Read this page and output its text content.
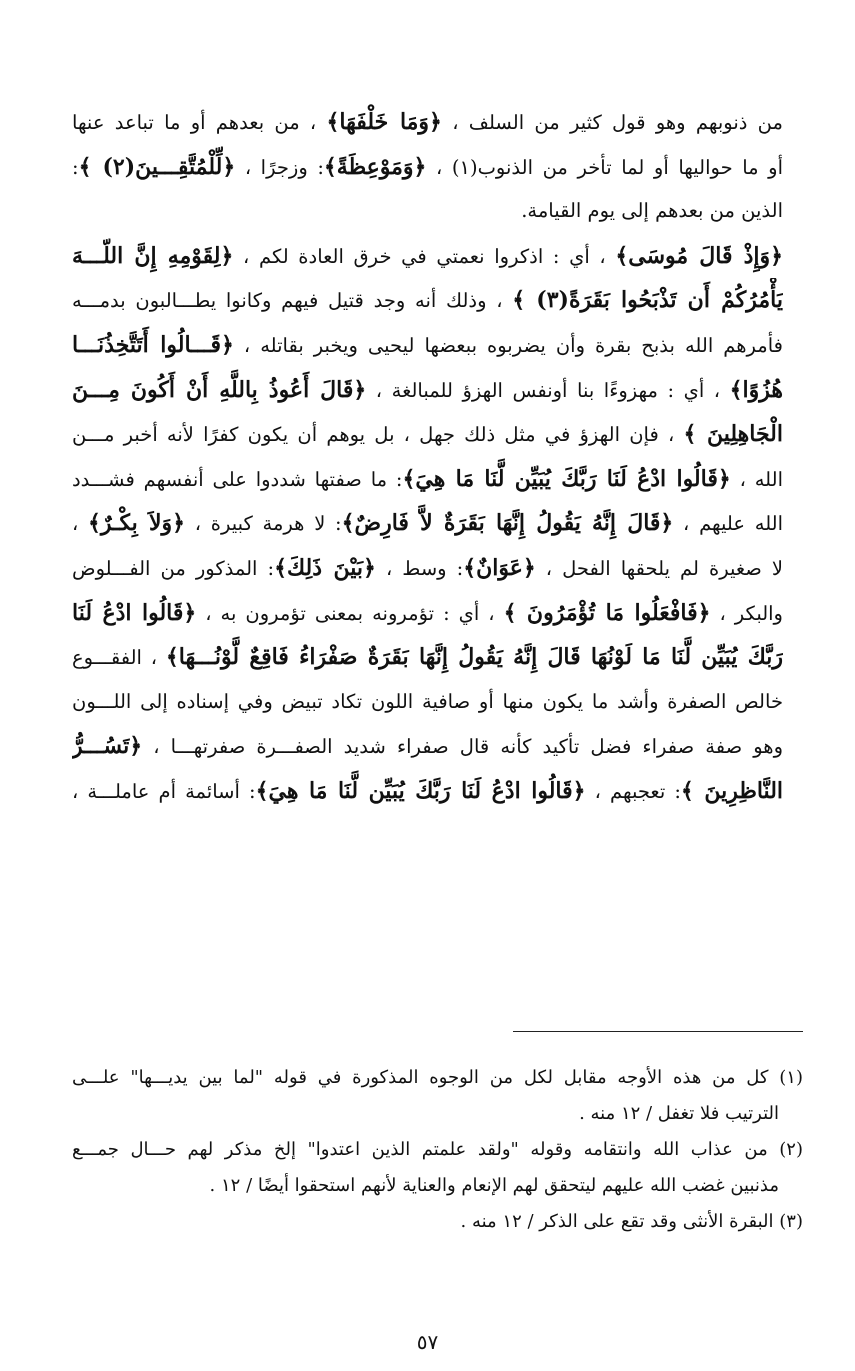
من ذنوبهم وهو قول كثير من السلف ، ﴿وَمَا خَلْفَهَا﴾ ، من بعدهم أو ما تباعد عنها
أو ما حواليها أو لما تأخر من الذنوب(١) ، ﴿وَمَوْعِظَةً﴾: وزجرًا ، ﴿لِّلْمُتَّقِـــينَ(٢) ﴾:
الذين من بعدهم إلى يوم القيامة.
﴿وَإِذْ قَالَ مُوسَى﴾ ، أي : اذكروا نعمتي في خرق العادة لكم ، ﴿لِقَوْمِهِ إِنَّ اللّـــهَ
يَأْمُرُكُمْ أَن تَذْبَحُوا بَقَرَةً(٣) ﴾ ، وذلك أنه وجد قتيل فيهم وكانوا يطـــالبون بدمـــه
فأمرهم الله بذبح بقرة وأن يضربوه ببعضها ليحيى ويخبر بقاتله ، ﴿قَـــالُوا أَتَتَّخِذُنَـــا
هُزُوًا﴾ ، أي : مهزوءًا بنا أونفس الهزؤ للمبالغة ، ﴿قَالَ أَعُوذُ بِاللَّهِ أَنْ أَكُونَ مِـــنَ
الْجَاهِلِينَ ﴾ ، فإن الهزؤ في مثل ذلك جهل ، بل يوهم أن يكون كفرًا لأنه أخبر مـــن
الله ، ﴿قَالُوا ادْعُ لَنَا رَبَّكَ يُبَيِّن لَّنَا مَا هِيَ﴾: ما صفتها شددوا على أنفسهم فشـــدد
الله عليهم ، ﴿قَالَ إِنَّهُ يَقُولُ إِنَّهَا بَقَرَةٌ لاَّ فَارِضٌ﴾: لا هرمة كبيرة ، ﴿وَلاَ بِكْـرٌ﴾ ،
لا صغيرة لم يلحقها الفحل ، ﴿عَوَانٌ﴾: وسط ، ﴿بَيْنَ ذَلِكَ﴾: المذكور من الفـــلوض
والبكر ، ﴿فَافْعَلُوا مَا تُؤْمَرُونَ ﴾ ، أي : تؤمرونه بمعنى تؤمرون به ، ﴿قَالُوا ادْعُ لَنَا
رَبَّكَ يُبَيِّن لَّنَا مَا لَوْنُهَا قَالَ إِنَّهُ يَقُولُ إِنَّهَا بَقَرَةٌ صَفْرَاءُ فَاقِعٌ لَّوْنُـــهَا﴾ ، الفقـــوع
خالص الصفرة وأشد ما يكون منها أو صافية اللون تكاد تبيض وفي إسناده إلى اللـــون
وهو صفة صفراء فضل تأكيد كأنه قال صفراء شديد الصفـــرة صفرتهـــا ، ﴿تَسُـــرُّ
النَّاظِرِينَ ﴾: تعجبهم ، ﴿قَالُوا ادْعُ لَنَا رَبَّكَ يُبَيِّن لَّنَا مَا هِيَ﴾: أسائمة أم عاملـــة ،
(١) كل من هذه الأوجه مقابل لكل من الوجوه المذكورة في قوله "لما بين يديـــها" علـــى
الترتيب فلا تغفل / ١٢ منه .
(٢) من عذاب الله وانتقامه وقوله "ولقد علمتم الذين اعتدوا" إلخ مذكر لهم حـــال جمـــع
مذنبين غضب الله عليهم ليتحقق لهم الإنعام والعناية لأنهم استحقوا أيضًا / ١٢ .
(٣) البقرة الأنثى وقد تقع على الذكر / ١٢ منه .
٥٧
